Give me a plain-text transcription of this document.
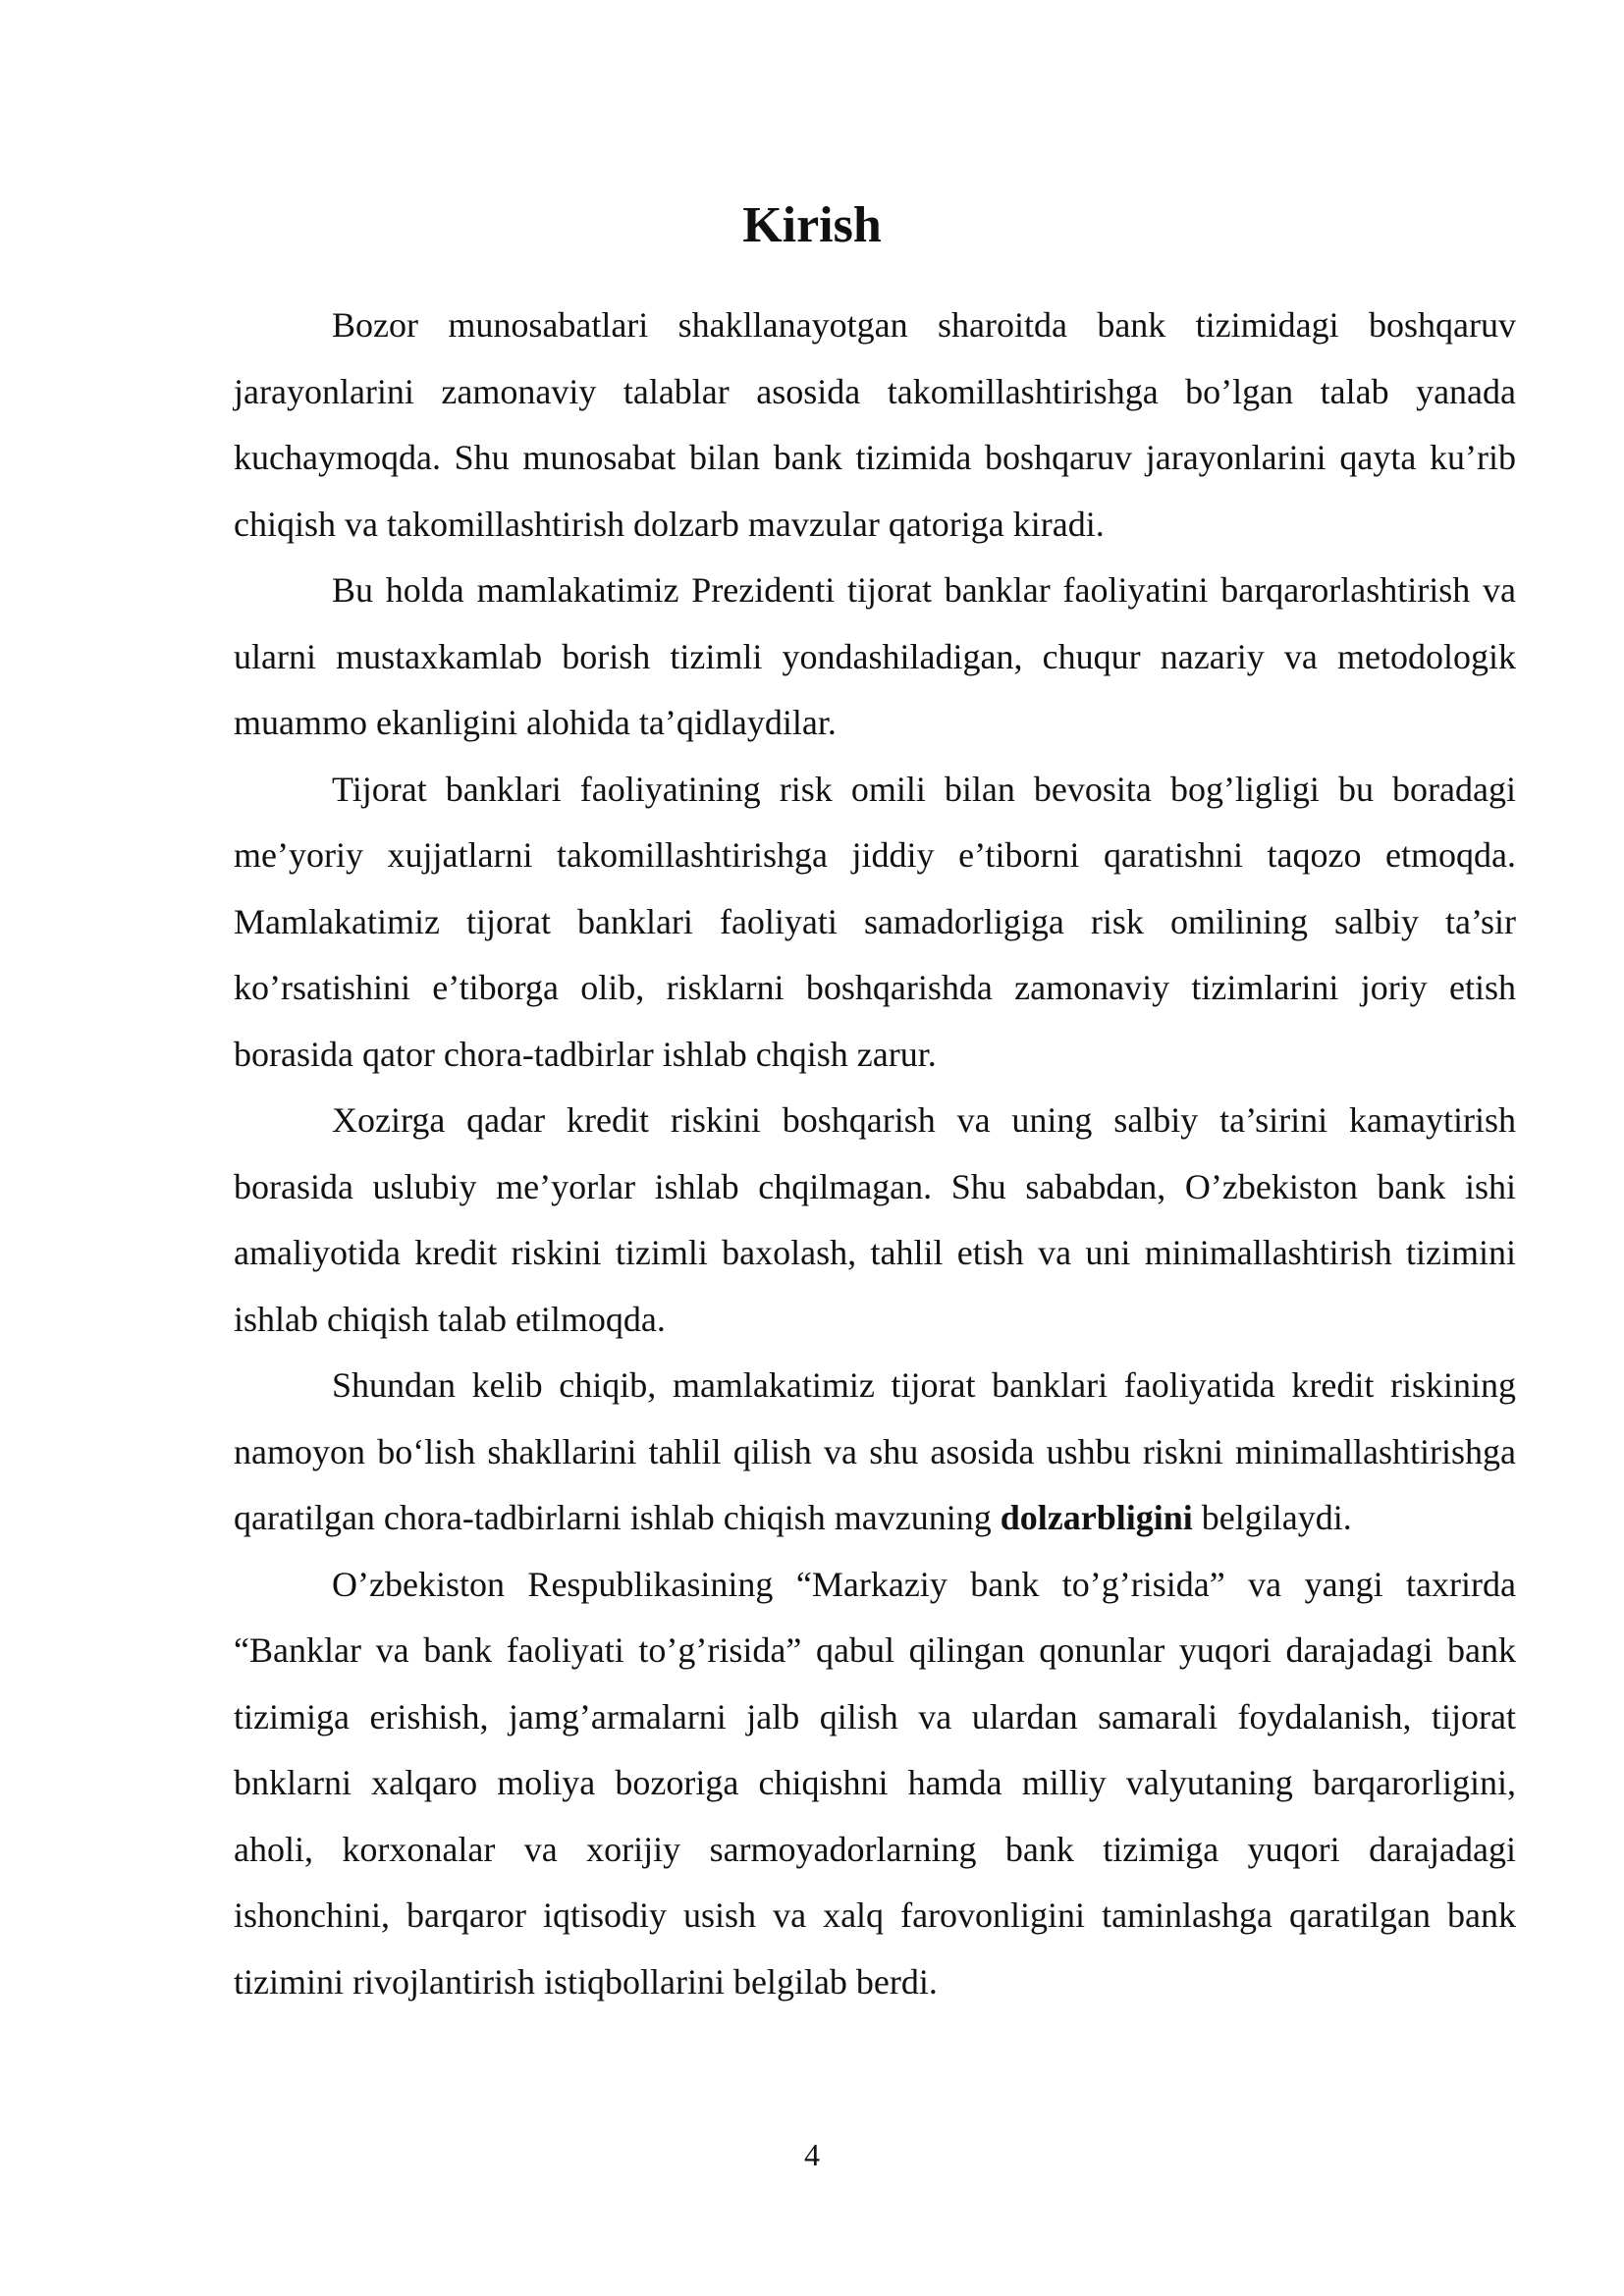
Kirish

Bozor munosabatlari shakllanayotgan sharoitda bank tizimidagi boshqaruv jarayonlarini zamonaviy talablar asosida takomillashtirishga bo’lgan talab yanada kuchaymoqda. Shu munosabat bilan bank tizimida boshqaruv jarayonlarini qayta ku’rib chiqish va takomillashtirish dolzarb mavzular qatoriga kiradi.

Bu holda mamlakatimiz Prezidenti tijorat banklar faoliyatini barqarorlashtirish va ularni mustaxkamlab borish tizimli yondashiladigan, chuqur nazariy va metodologik muammo ekanligini alohida ta’qidlaydilar.

Tijorat banklari faoliyatining risk omili bilan bevosita bog’ligligi bu boradagi me’yoriy xujjatlarni takomillashtirishga jiddiy e’tiborni qaratishni taqozo etmoqda. Mamlakatimiz tijorat banklari faoliyati samadorligiga risk omilining salbiy ta’sir ko’rsatishini e’tiborga olib, risklarni boshqarishda zamonaviy tizimlarini joriy etish borasida qator chora-tadbirlar ishlab chqish zarur.

Xozirga qadar kredit riskini boshqarish va uning salbiy ta’sirini kamaytirish borasida uslubiy me’yorlar ishlab chqilmagan. Shu sababdan, O’zbekiston bank ishi amaliyotida kredit riskini tizimli baxolash, tahlil etish va uni minimallashtirish tizimini ishlab chiqish talab etilmoqda.

Shundan kelib chiqib, mamlakatimiz tijorat banklari faoliyatida kredit riskining namoyon bo‘lish shakllarini tahlil qilish va shu asosida ushbu riskni minimallashtirishga qaratilgan chora-tadbirlarni ishlab chiqish mavzuning dolzarbligini belgilaydi.

O’zbekiston Respublikasining “Markaziy bank to’g’risida” va yangi taxrirda “Banklar va bank faoliyati to’g’risida” qabul qilingan qonunlar yuqori darajadagi bank tizimiga erishish, jamg’armalarni jalb qilish va ulardan samarali foydalanish, tijorat bnklarni xalqaro moliya bozoriga chiqishni hamda milliy valyutaning barqarorligini, aholi, korxonalar va xorijiy sarmoyadorlarning bank tizimiga yuqori darajadagi ishonchini, barqaror iqtisodiy usish va xalq farovonligini taminlashga qaratilgan bank tizimini rivojlantirish istiqbollarini belgilab berdi.

4
